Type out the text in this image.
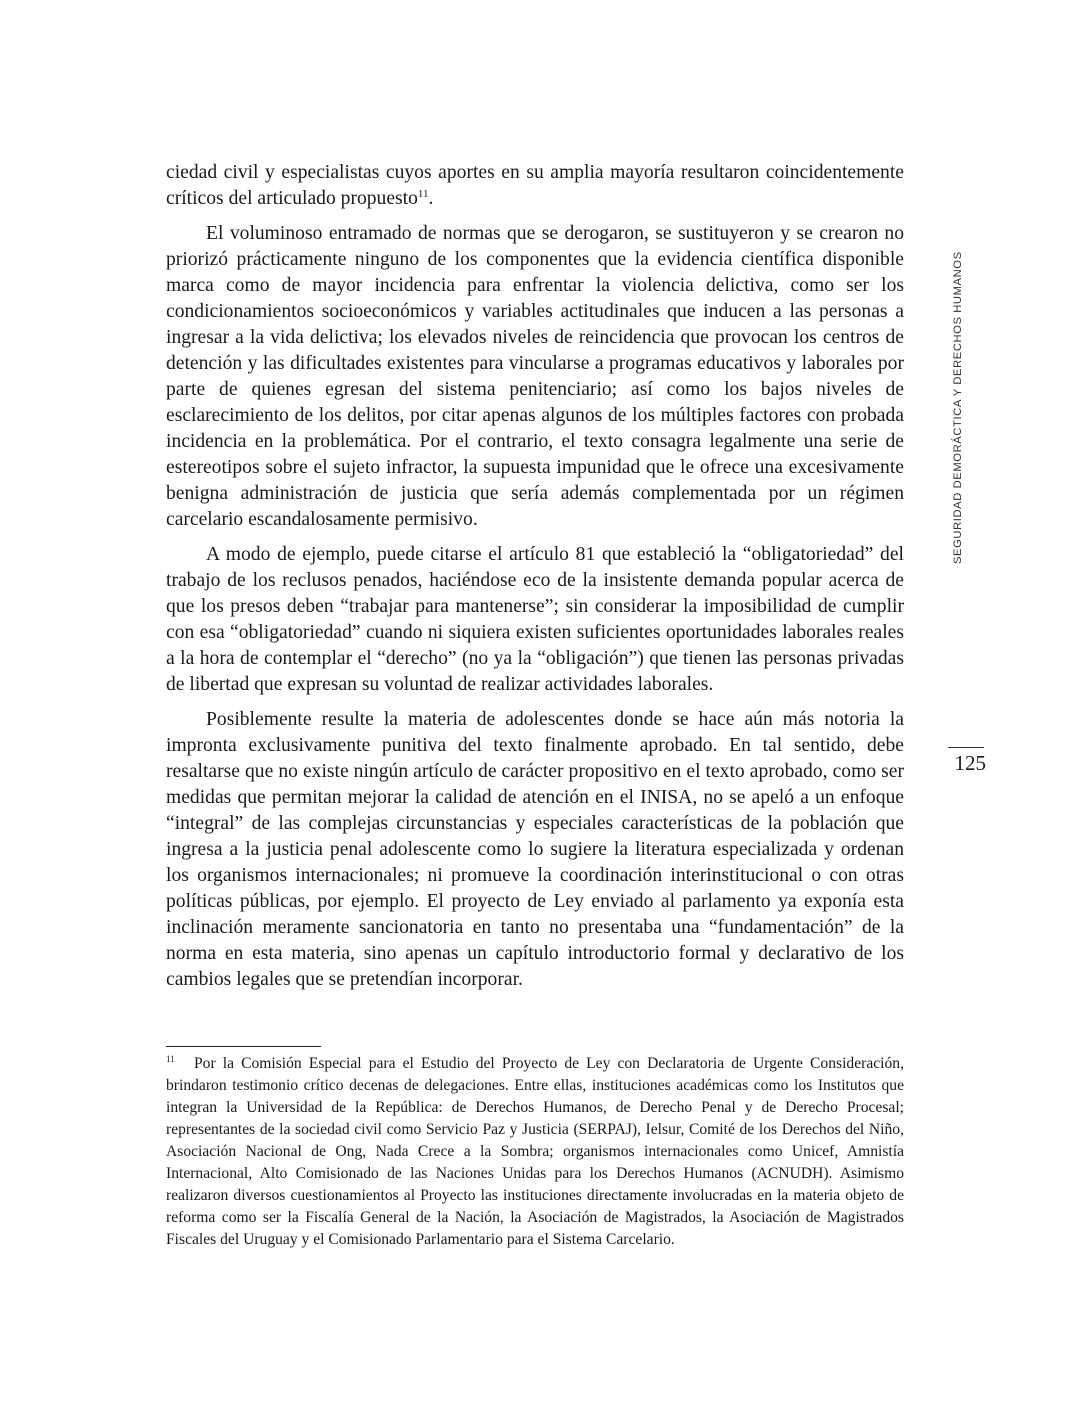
ciedad civil y especialistas cuyos aportes en su amplia mayoría resultaron coincidentemente críticos del articulado propuesto$^{11}$.

El voluminoso entramado de normas que se derogaron, se sustituyeron y se crearon no priorizó prácticamente ninguno de los componentes que la evidencia científica disponible marca como de mayor incidencia para enfrentar la violencia delictiva, como ser los condicionamientos socioeconómicos y variables actitudinales que inducen a las personas a ingresar a la vida delictiva; los elevados niveles de reincidencia que provocan los centros de detención y las dificultades existentes para vincularse a programas educativos y laborales por parte de quienes egresan del sistema penitenciario; así como los bajos niveles de esclarecimiento de los delitos, por citar apenas algunos de los múltiples factores con probada incidencia en la problemática. Por el contrario, el texto consagra legalmente una serie de estereotipos sobre el sujeto infractor, la supuesta impunidad que le ofrece una excesivamente benigna administración de justicia que sería además complementada por un régimen carcelario escandalosamente permisivo.

A modo de ejemplo, puede citarse el artículo 81 que estableció la “obligatoriedad” del trabajo de los reclusos penados, haciéndose eco de la insistente demanda popular acerca de que los presos deben “trabajar para mantenerse”; sin considerar la imposibilidad de cumplir con esa “obligatoriedad” cuando ni siquiera existen suficientes oportunidades laborales reales a la hora de contemplar el “derecho” (no ya la “obligación”) que tienen las personas privadas de libertad que expresan su voluntad de realizar actividades laborales.

Posiblemente resulte la materia de adolescentes donde se hace aún más notoria la impronta exclusivamente punitiva del texto finalmente aprobado. En tal sentido, debe resaltarse que no existe ningún artículo de carácter propositivo en el texto aprobado, como ser medidas que permitan mejorar la calidad de atención en el INISA, no se apeló a un enfoque “integral” de las complejas circunstancias y especiales características de la población que ingresa a la justicia penal adolescente como lo sugiere la literatura especializada y ordenan los organismos internacionales; ni promueve la coordinación interinstitucional o con otras políticas públicas, por ejemplo. El proyecto de Ley enviado al parlamento ya exponía esta inclinación meramente sancionatoria en tanto no presentaba una “fundamentación” de la norma en esta materia, sino apenas un capítulo introductorio formal y declarativo de los cambios legales que se pretendían incorporar.

11 Por la Comisión Especial para el Estudio del Proyecto de Ley con Declaratoria de Urgente Consideración, brindaron testimonio crítico decenas de delegaciones. Entre ellas, instituciones académicas como los Institutos que integran la Universidad de la República: de Derechos Humanos, de Derecho Penal y de Derecho Procesal; representantes de la sociedad civil como Servicio Paz y Justicia (SERPAJ), Ielsur, Comité de los Derechos del Niño, Asociación Nacional de Ong, Nada Crece a la Sombra; organismos internacionales como Unicef, Amnistía Internacional, Alto Comisionado de las Naciones Unidas para los Derechos Humanos (ACNUDH). Asimismo realizaron diversos cuestionamientos al Proyecto las instituciones directamente involucradas en la materia objeto de reforma como ser la Fiscalía General de la Nación, la Asociación de Magistrados, la Asociación de Magistrados Fiscales del Uruguay y el Comisionado Parlamentario para el Sistema Carcelario.
SEGURIDAD DEMORÁCTICA Y DERECHOS HUMANOS
125
